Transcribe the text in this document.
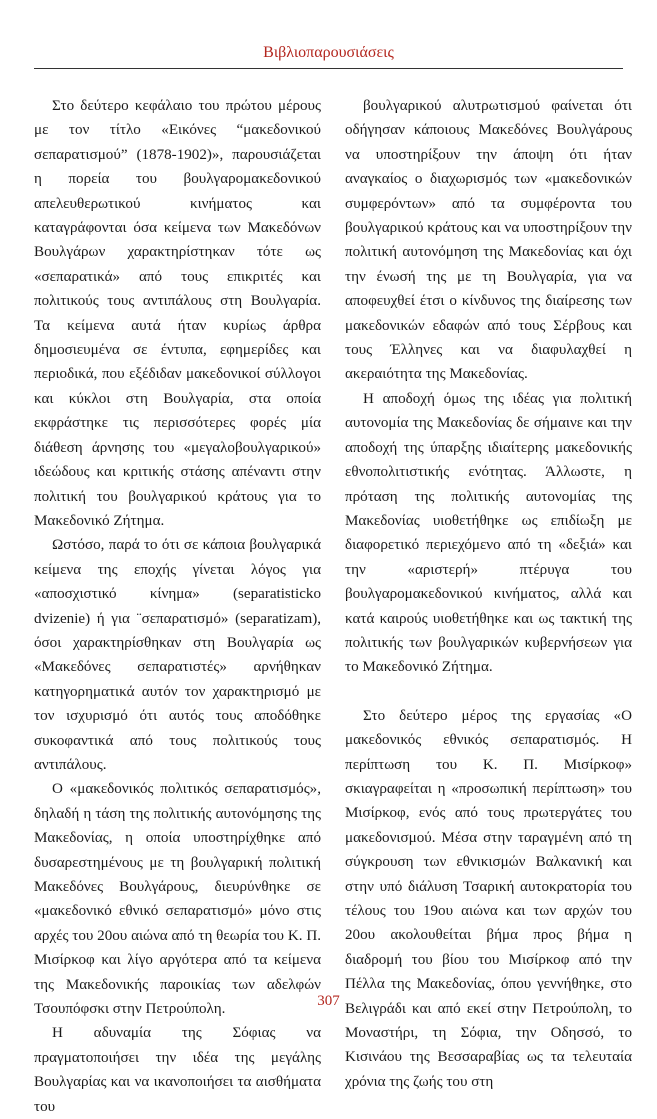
Βιβλιοπαρουσιάσεις

Στο δεύτερο κεφάλαιο του πρώτου μέρους με τον τίτλο «Εικόνες “μακεδονικού σεπαρατισμού” (1878-1902)», παρουσιάζεται η πορεία του βουλγαρομακεδονικού απελευθερωτικού κινήματος και καταγράφονται όσα κείμενα των Μακεδόνων Βουλγάρων χαρακτηρίστηκαν τότε ως «σεπαρατικά» από τους επικριτές και πολιτικούς τους αντιπάλους στη Βουλγαρία. Τα κείμενα αυτά ήταν κυρίως άρθρα δημοσιευμένα σε έντυπα, εφημερίδες και περιοδικά, που εξέδιδαν μακεδονικοί σύλλογοι και κύκλοι στη Βουλγαρία, στα οποία εκφράστηκε τις περισσότερες φορές μία διάθεση άρνησης του «μεγαλοβουλγαρικού» ιδεώδους και κριτικής στάσης απέναντι στην πολιτική του βουλγαρικού κράτους για το Μακεδονικό Ζήτημα.

Ωστόσο, παρά το ότι σε κάποια βουλγαρικά κείμενα της εποχής γίνεται λόγος για «αποσχιστικό κίνημα» (separatisticko dvizenie) ή για ¨σεπαρατισμό» (separatizam), όσοι χαρακτηρίσθηκαν στη Βουλγαρία ως «Μακεδόνες σεπαρατιστές» αρνήθηκαν κατηγορηματικά αυτόν τον χαρακτηρισμό με τον ισχυρισμό ότι αυτός τους αποδόθηκε συκοφαντικά από τους πολιτικούς τους αντιπάλους.

Ο «μακεδονικός πολιτικός σεπαρατισμός», δηλαδή η τάση της πολιτικής αυτονόμησης της Μακεδονίας, η οποία υποστηρίχθηκε από δυσαρεστημένους με τη βουλγαρική πολιτική Μακεδόνες Βουλγάρους, διευρύνθηκε σε «μακεδονικό εθνικό σεπαρατισμό» μόνο στις αρχές του 20ου αιώνα από τη θεωρία του Κ. Π. Μισίρκοφ και λίγο αργότερα από τα κείμενα της Μακεδονικής παροικίας των αδελφών Τσουπόφσκι στην Πετρούπολη.

Η αδυναμία της Σόφιας να πραγματοποιήσει την ιδέα της μεγάλης Βουλγαρίας και να ικανοποιήσει τα αισθήματα του

βουλγαρικού αλυτρωτισμού φαίνεται ότι οδήγησαν κάποιους Μακεδόνες Βουλγάρους να υποστηρίξουν την άποψη ότι ήταν αναγκαίος ο διαχωρισμός των «μακεδονικών συμφερόντων» από τα συμφέροντα του βουλγαρικού κράτους και να υποστηρίξουν την πολιτική αυτονόμηση της Μακεδονίας και όχι την ένωσή της με τη Βουλγαρία, για να αποφευχθεί έτσι ο κίνδυνος της διαίρεσης των μακεδονικών εδαφών από τους Σέρβους και τους Έλληνες και να διαφυλαχθεί η ακεραιότητα της Μακεδονίας.

Η αποδοχή όμως της ιδέας για πολιτική αυτονομία της Μακεδονίας δε σήμαινε και την αποδοχή της ύπαρξης ιδιαίτερης μακεδονικής εθνοπολιτιστικής ενότητας. Άλλωστε, η πρόταση της πολιτικής αυτονομίας της Μακεδονίας υιοθετήθηκε ως επιδίωξη με διαφορετικό περιεχόμενο από τη «δεξιά» και την «αριστερή» πτέρυγα του βουλγαρομακεδονικού κινήματος, αλλά και κατά καιρούς υιοθετήθηκε και ως τακτική της πολιτικής των βουλγαρικών κυβερνήσεων για το Μακεδονικό Ζήτημα.

Στο δεύτερο μέρος της εργασίας «Ο μακεδονικός εθνικός σεπαρατισμός. Η περίπτωση του Κ. Π. Μισίρκοφ» σκιαγραφείται η «προσωπική περίπτωση» του Μισίρκοφ, ενός από τους πρωτεργάτες του μακεδονισμού. Μέσα στην ταραγμένη από τη σύγκρουση των εθνικισμών Βαλκανική και στην υπό διάλυση Τσαρική αυτοκρατορία του τέλους του 19ου αιώνα και των αρχών του 20ου ακολουθείται βήμα προς βήμα η διαδρομή του βίου του Μισίρκοφ από την Πέλλα της Μακεδονίας, όπου γεννήθηκε, στο Βελιγράδι και από εκεί στην Πετρούπολη, το Μοναστήρι, τη Σόφια, την Οδησσό, το Κισινάου της Βεσσαραβίας ως τα τελευταία χρόνια της ζωής του στη

307
